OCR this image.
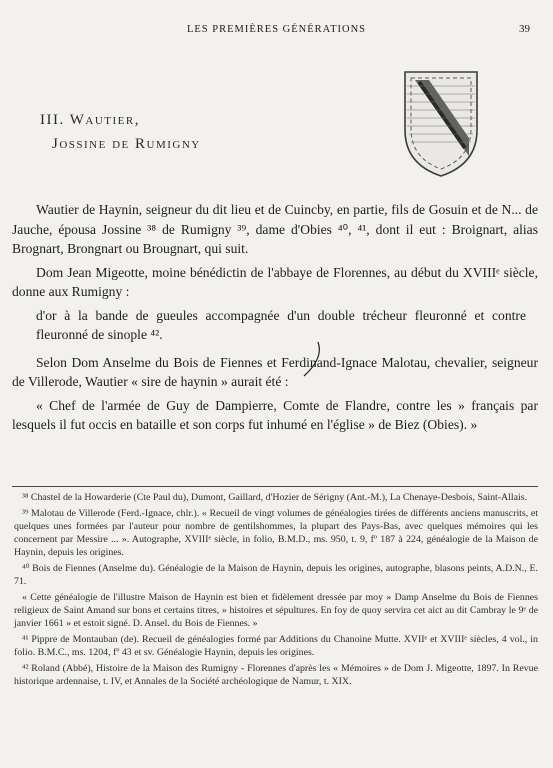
LES PREMIÈRES GÉNÉRATIONS	39
III. Wautier,
Jossine de Rumigny

Wautier de Haynin, seigneur du dit lieu et de Cuincby, en partie, fils de Gosuin et de N... de Jauche, épousa Jossine ³⁸ de Rumigny ³⁹, dame d'Obies ⁴⁰, ⁴¹, dont il eut : Broignart, alias Brognart, Brongnart ou Brougnart, qui suit.

Dom Jean Migeotte, moine bénédictin de l'abbaye de Florennes, au début du XVIIIᵉ siècle, donne aux Rumigny :

d'or à la bande de gueules accompagnée d'un double trécheur fleuronné et contre fleuronné de sinople ⁴².

Selon Dom Anselme du Bois de Fiennes et Ferdinand-Ignace Malotau, chevalier, seigneur de Villerode, Wautier « sire de haynin » aurait été :

« Chef de l'armée de Guy de Dampierre, Comte de Flandre, contre les » français par lesquels il fut occis en bataille et son corps fut inhumé en l'église » de Biez (Obies). »

³⁸ Chastel de la Howarderie (Cte Paul du), Dumont, Gaillard, d'Hozier de Sérigny (Ant.-M.), La Chenaye-Desbois, Saint-Allais.

³⁹ Malotau de Villerode (Ferd.-Ignace, chlr.). « Recueil de vingt volumes de généalogies tirées de différents anciens manuscrits, et quelques unes formées par l'auteur pour nombre de gentilshommes, la plupart des Pays-Bas, avec quelques mémoires qui les concernent par Messire ... ». Autographe, XVIIIᵉ siècle, in folio, B.M.D., ms. 950, t. 9, fº 187 à 224, généalogie de la Maison de Haynin, depuis les origines.

⁴⁰ Bois de Fiennes (Anselme du). Généalogie de la Maison de Haynin, depuis les origines, autographe, blasons peints, A.D.N., E. 71.

« Cette généalogie de l'illustre Maison de Haynin est bien et fidèlement dressée par moy » Damp Anselme du Bois de Fiennes religieux de Saint Amand sur bons et certains titres, » histoires et sépultures. En foy de quoy servira cet aict au dit Cambray le 9ᵉ de janvier 1661 » et estoit signé. D. Ansel. du Bois de Fiennes. »

⁴¹ Pippre de Montauban (de). Recueil de généalogies formé par Additions du Chanoine Mutte. XVIIᵉ et XVIIIᵉ siècles, 4 vol., in folio. B.M.C., ms. 1204, fº 43 et sv. Généalogie Haynin, depuis les origines.

⁴² Roland (Abbé), Histoire de la Maison des Rumigny - Florennes d'après les « Mémoires » de Dom J. Migeotte, 1897. In Revue historique ardennaise, t. IV, et Annales de la Société archéologique de Namur, t. XIX.
